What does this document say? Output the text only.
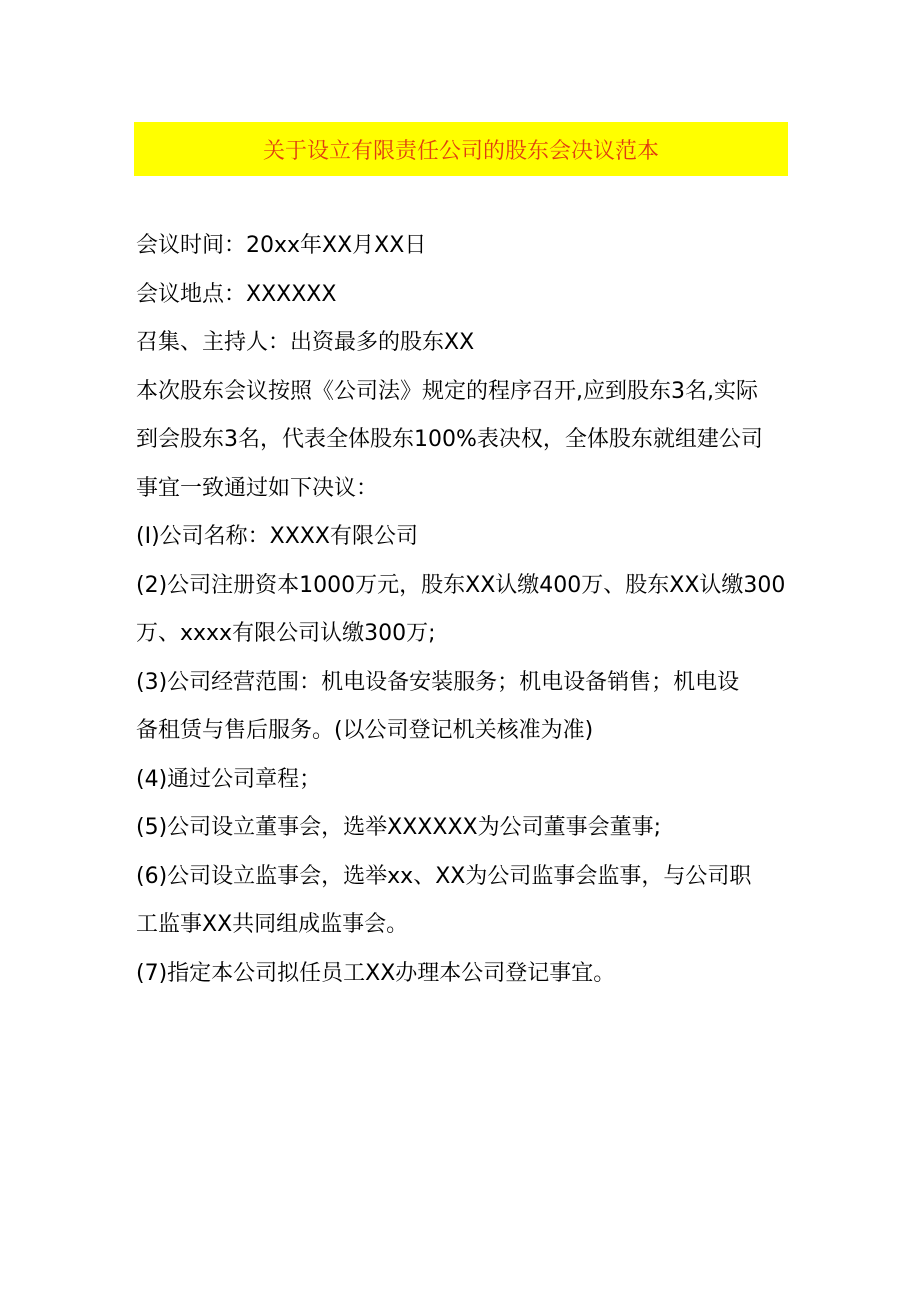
关于设立有限责任公司的股东会决议范本
会议时间：20xx年XX月XX日
会议地点：XXXXXX
召集、主持人：出资最多的股东XX
本次股东会议按照《公司法》规定的程序召开,应到股东3名,实际
到会股东3名，代表全体股东100%表决权，全体股东就组建公司
事宜一致通过如下决议：
(I)公司名称：XXXX有限公司
(2)公司注册资本1000万元，股东XX认缴400万、股东XX认缴300
万、xxxx有限公司认缴300万;
(3)公司经营范围：机电设备安装服务；机电设备销售；机电设
备租赁与售后服务。(以公司登记机关核准为准)
(4)通过公司章程；
(5)公司设立董事会，选举XXXXXX为公司董事会董事;
(6)公司设立监事会，选举xx、XX为公司监事会监事，与公司职
工监事XX共同组成监事会。
(7)指定本公司拟任员工XX办理本公司登记事宜。
